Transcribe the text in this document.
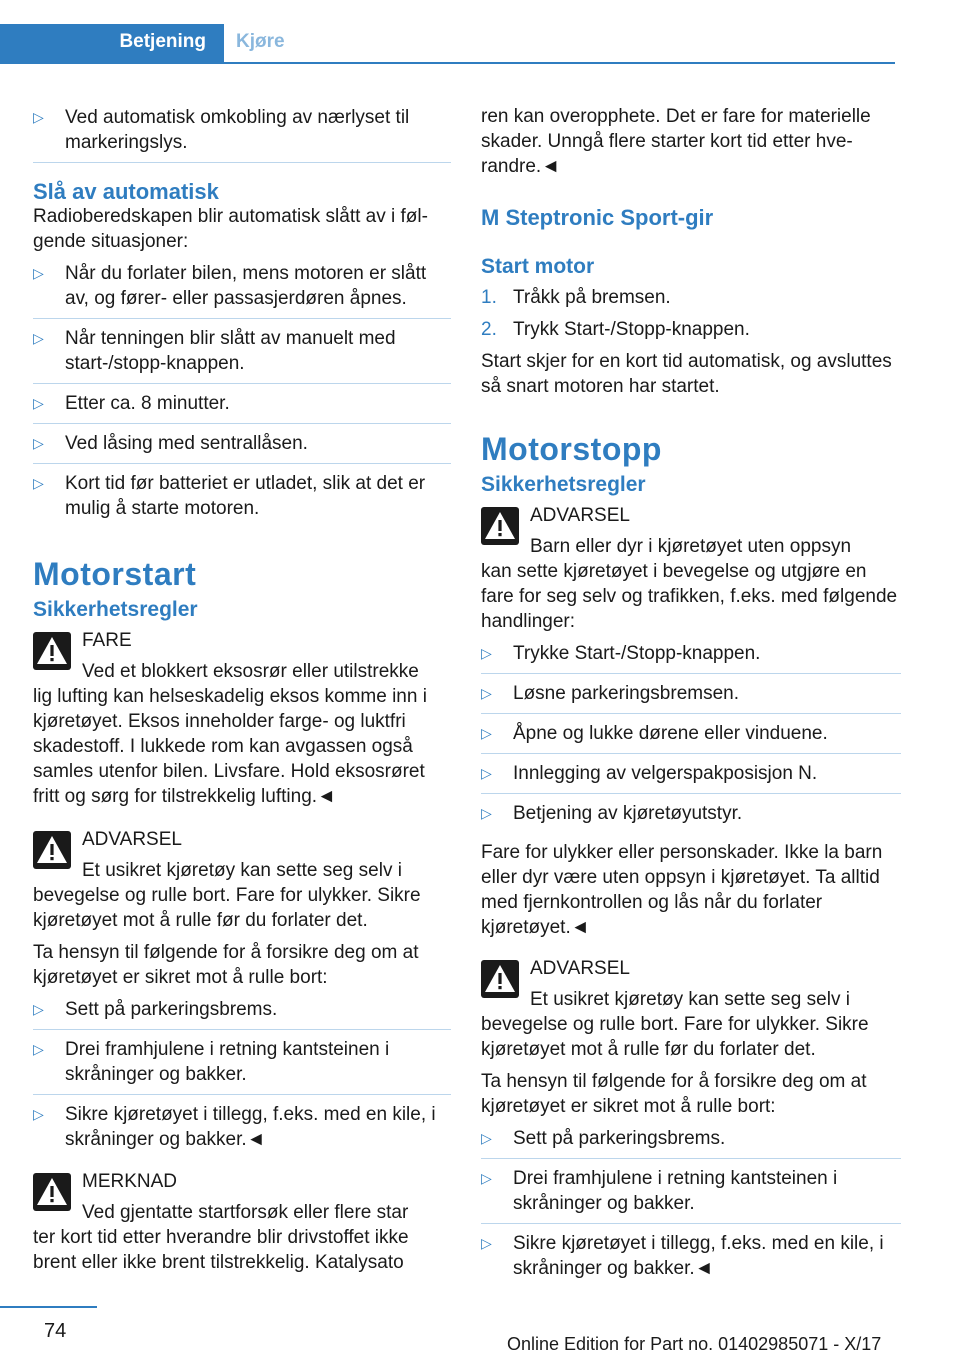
Betjening	Kjøre

▷ Ved automatisk omkobling av nærlyset til markeringslys.

Slå av automatisk

Radioberedskapen blir automatisk slått av i følgende situasjoner:

▷ Når du forlater bilen, mens motoren er slått av, og fører- eller passasjerdøren åpnes.

▷ Når tenningen blir slått av manuelt med start-/stopp-knappen.

▷ Etter ca. 8 minutter.

▷ Ved låsing med sentrallåsen.

▷ Kort tid før batteriet er utladet, slik at det er mulig å starte motoren.

Motorstart

Sikkerhetsregler

FARE

Ved et blokkert eksosrør eller utilstrekke

lig lufting kan helseskadelig eksos komme inn i kjøretøyet. Eksos inneholder farge- og luktfri skadestoff. I lukkede rom kan avgassen også samles utenfor bilen. Livsfare. Hold eksosrøret fritt og sørg for tilstrekkelig lufting.◄

ADVARSEL

Et usikret kjøretøy kan sette seg selv i

bevegelse og rulle bort. Fare for ulykker. Sikre kjøretøyet mot å rulle før du forlater det.

Ta hensyn til følgende for å forsikre deg om at kjøretøyet er sikret mot å rulle bort:

▷ Sett på parkeringsbrems.

▷ Drei framhjulene i retning kantsteinen i skråninger og bakker.

▷ Sikre kjøretøyet i tillegg, f.eks. med en kile, i skråninger og bakker.◄

MERKNAD

Ved gjentatte startforsøk eller flere star

ter kort tid etter hverandre blir drivstoffet ikke brent eller ikke brent tilstrekkelig. Katalysato

ren kan overopphete. Det er fare for materielle skader. Unngå flere starter kort tid etter hverandre.◄

M Steptronic Sport-gir

Start motor

1. Tråkk på bremsen.

2. Trykk Start-/Stopp-knappen.

Start skjer for en kort tid automatisk, og avsluttes så snart motoren har startet.

Motorstopp

Sikkerhetsregler

ADVARSEL

Barn eller dyr i kjøretøyet uten oppsyn

kan sette kjøretøyet i bevegelse og utgjøre en fare for seg selv og trafikken, f.eks. med følgende handlinger:

▷ Trykke Start-/Stopp-knappen.

▷ Løsne parkeringsbremsen.

▷ Åpne og lukke dørene eller vinduene.

▷ Innlegging av velgerspakposisjon N.

▷ Betjening av kjøretøyutstyr.

Fare for ulykker eller personskader. Ikke la barn eller dyr være uten oppsyn i kjøretøyet. Ta alltid med fjernkontrollen og lås når du forlater kjøretøyet.◄

ADVARSEL

Et usikret kjøretøy kan sette seg selv i

bevegelse og rulle bort. Fare for ulykker. Sikre kjøretøyet mot å rulle før du forlater det.

Ta hensyn til følgende for å forsikre deg om at kjøretøyet er sikret mot å rulle bort:

▷ Sett på parkeringsbrems.

▷ Drei framhjulene i retning kantsteinen i skråninger og bakker.

▷ Sikre kjøretøyet i tillegg, f.eks. med en kile, i skråninger og bakker.◄

74
Online Edition for Part no. 01402985071 - X/17
